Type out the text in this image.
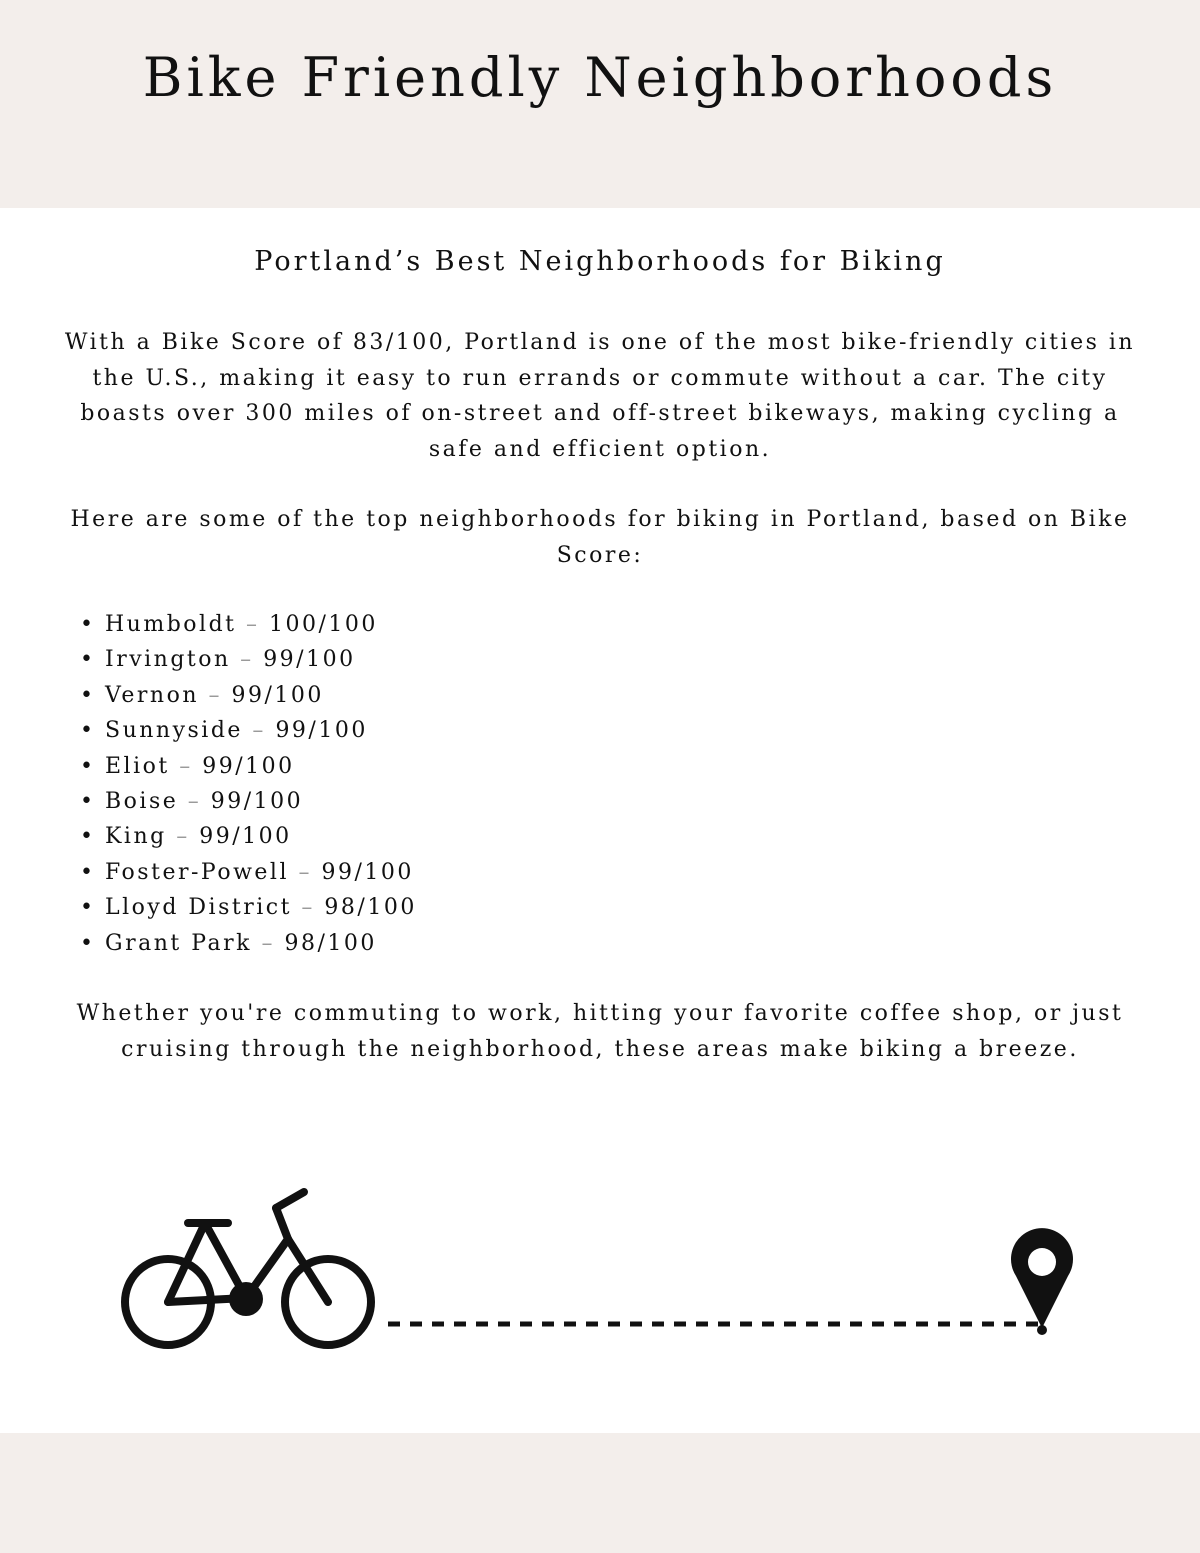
Bike Friendly Neighborhoods
Portland’s Best Neighborhoods for Biking

With a Bike Score of 83/100, Portland is one of the most bike-friendly cities in the U.S., making it easy to run errands or commute without a car. The city boasts over 300 miles of on-street and off-street bikeways, making cycling a safe and efficient option.

Here are some of the top neighborhoods for biking in Portland, based on Bike Score:

• Humboldt – 100/100
• Irvington – 99/100
• Vernon – 99/100
• Sunnyside – 99/100
• Eliot – 99/100
• Boise – 99/100
• King – 99/100
• Foster-Powell – 99/100
• Lloyd District – 98/100
• Grant Park – 98/100

Whether you're commuting to work, hitting your favorite coffee shop, or just cruising through the neighborhood, these areas make biking a breeze.
